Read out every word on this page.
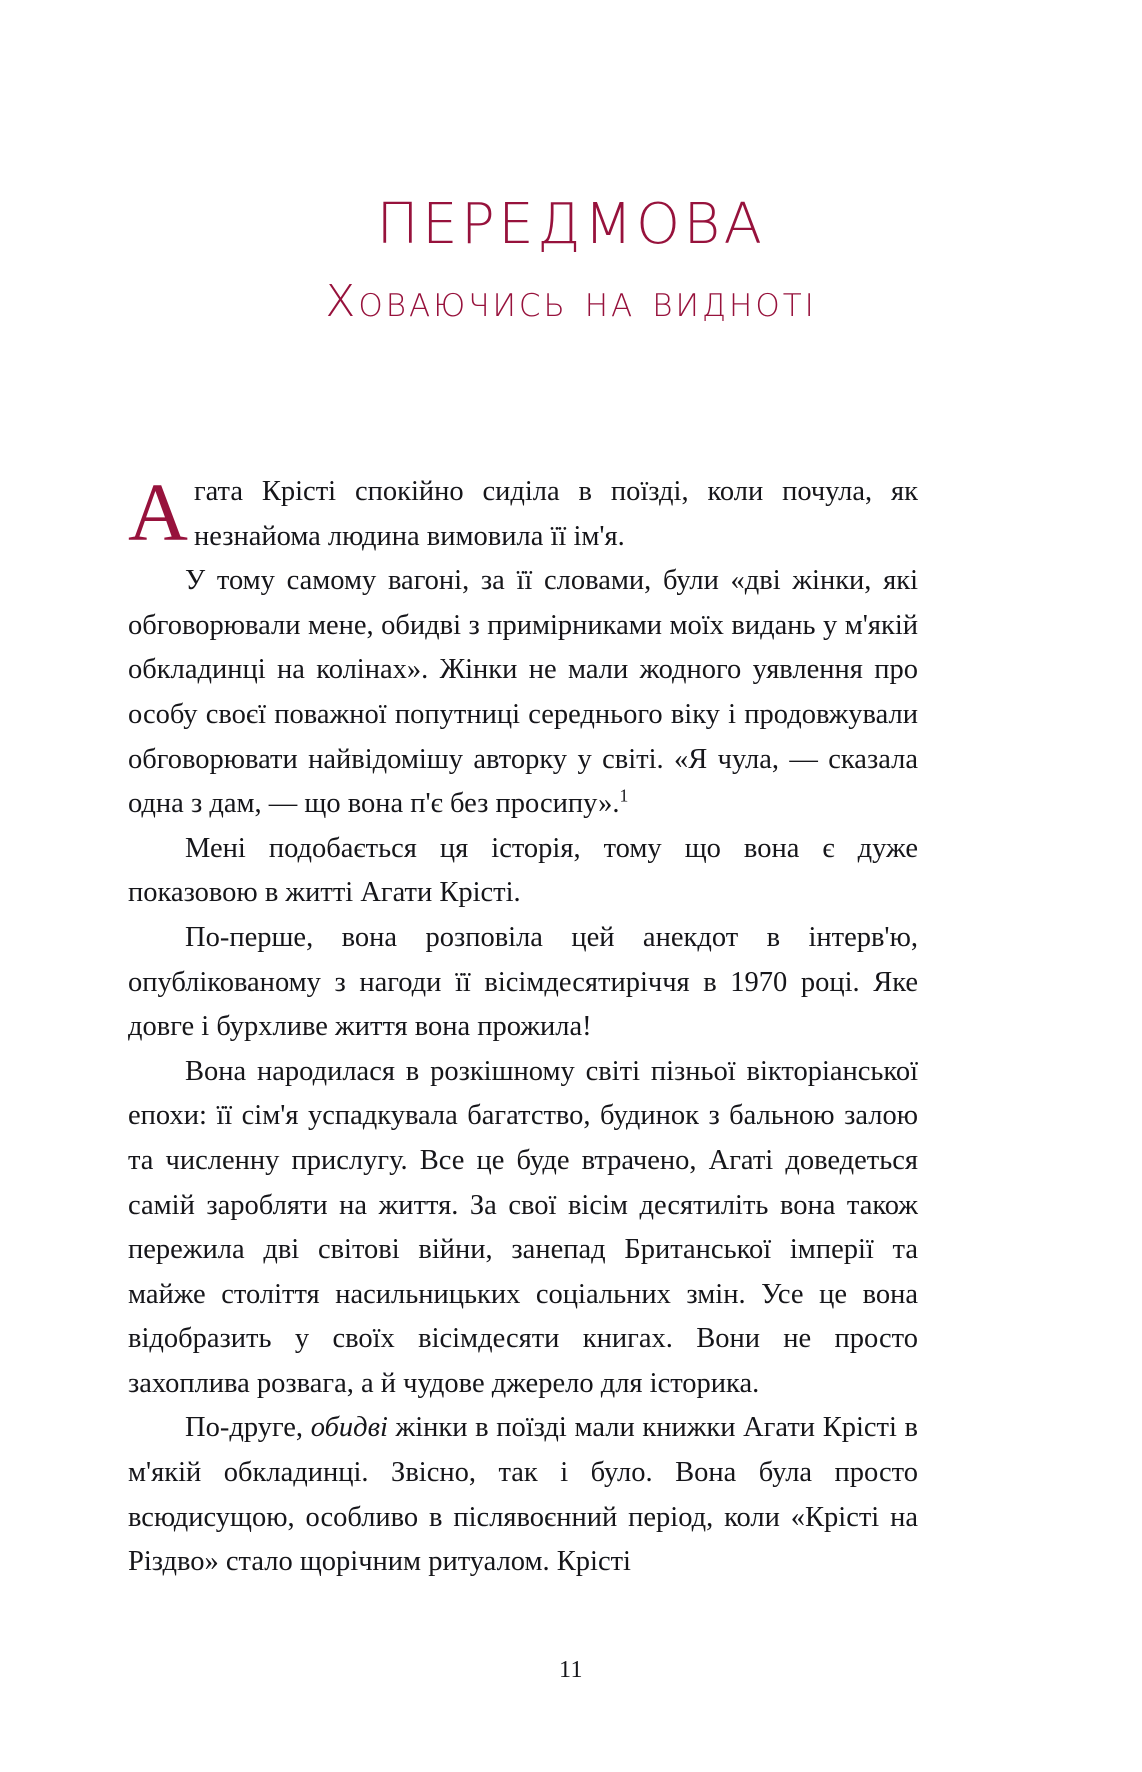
ПЕРЕДМОВА
Ховаючись на видноті

Агата Крісті спокійно сиділа в поїзді, коли почула, як незнайома людина вимовила її ім'я.

У тому самому вагоні, за її словами, були «дві жінки, які обговорювали мене, обидві з примірниками моїх видань у м'якій обкладинці на колінах». Жінки не мали жодного уявлення про особу своєї поважної попутниці середнього віку і продовжували обговорювати найвідомішу авторку у світі. «Я чула, — сказала одна з дам, — що вона п'є без просипу».$^1$

Мені подобається ця історія, тому що вона є дуже показовою в житті Агати Крісті.

По-перше, вона розповіла цей анекдот в інтерв'ю, опублікованому з нагоди її вісімдесятиріччя в 1970 році. Яке довге і бурхливе життя вона прожила!

Вона народилася в розкішному світі пізньої вікторіанської епохи: її сім'я успадкувала багатство, будинок з бальною залою та численну прислугу. Все це буде втрачено, Агаті доведеться самій заробляти на життя. За свої вісім десятиліть вона також пережила дві світові війни, занепад Британської імперії та майже століття насильницьких соціальних змін. Усе це вона відобразить у своїх вісімдесяти книгах. Вони не просто захоплива розвага, а й чудове джерело для історика.

По-друге, обидві жінки в поїзді мали книжки Агати Крісті в м'якій обкладинці. Звісно, так і було. Вона була просто всюдисущою, особливо в післявоєнний період, коли «Крісті на Різдво» стало щорічним ритуалом. Крісті

11
